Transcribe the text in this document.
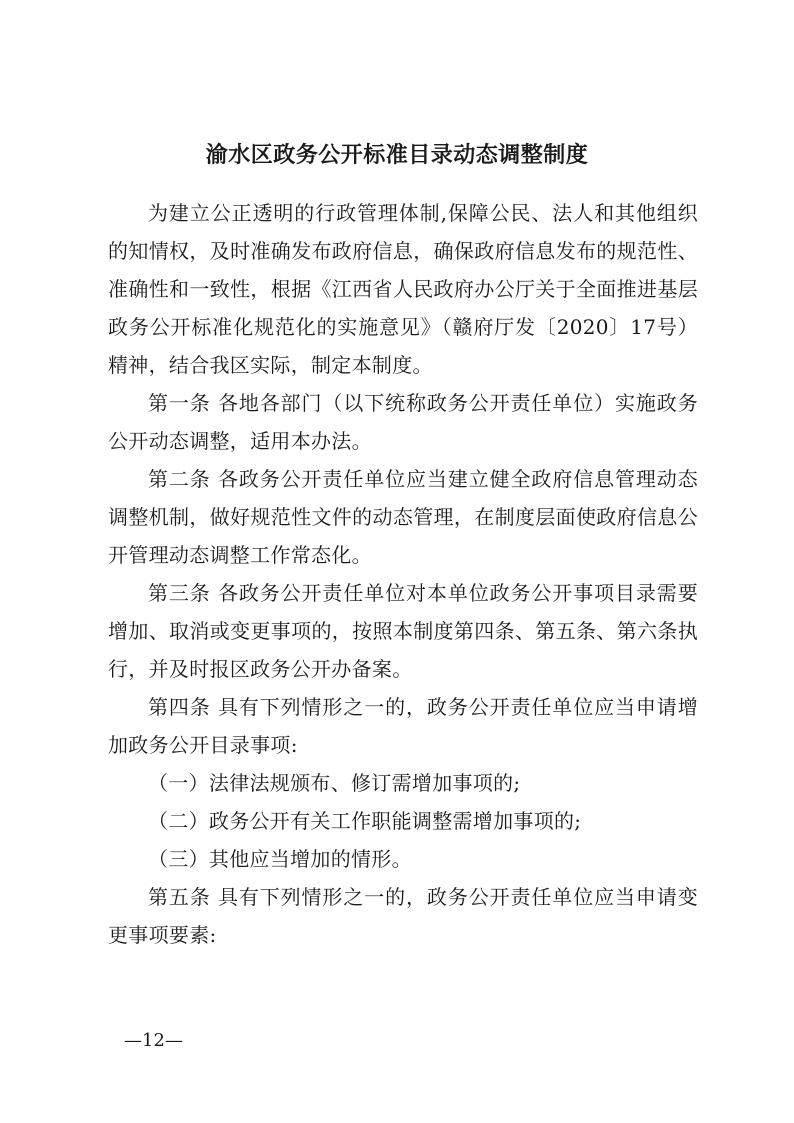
渝水区政务公开标准目录动态调整制度

为建立公正透明的行政管理体制,保障公民、法人和其他组织的知情权，及时准确发布政府信息，确保政府信息发布的规范性、准确性和一致性，根据《江西省人民政府办公厅关于全面推进基层政务公开标准化规范化的实施意见》（赣府厅发〔2020〕17号）精神，结合我区实际，制定本制度。

第一条 各地各部门（以下统称政务公开责任单位）实施政务公开动态调整，适用本办法。

第二条 各政务公开责任单位应当建立健全政府信息管理动态调整机制，做好规范性文件的动态管理，在制度层面使政府信息公开管理动态调整工作常态化。

第三条 各政务公开责任单位对本单位政务公开事项目录需要增加、取消或变更事项的，按照本制度第四条、第五条、第六条执行，并及时报区政务公开办备案。

第四条 具有下列情形之一的，政务公开责任单位应当申请增加政务公开目录事项:

（一）法律法规颁布、修订需增加事项的;

（二）政务公开有关工作职能调整需增加事项的;

（三）其他应当增加的情形。

第五条 具有下列情形之一的，政务公开责任单位应当申请变更事项要素:

—12—
